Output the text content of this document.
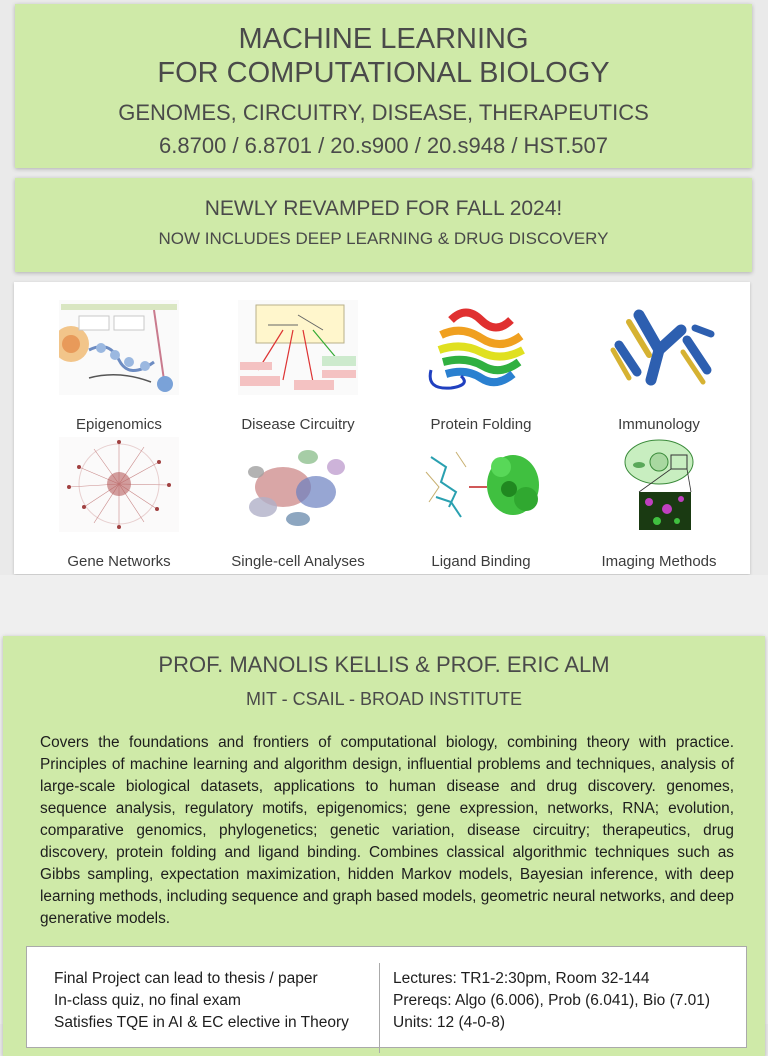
MACHINE LEARNING
FOR COMPUTATIONAL BIOLOGY
GENOMES, CIRCUITRY, DISEASE, THERAPEUTICS
6.8700 / 6.8701 / 20.s900 / 20.s948 / HST.507
NEWLY REVAMPED FOR FALL 2024!
NOW INCLUDES DEEP LEARNING & DRUG DISCOVERY
Epigenomics	Disease Circuitry	Protein Folding	Immunology
Gene Networks	Single-cell Analyses	Ligand Binding	Imaging Methods
PROF. MANOLIS KELLIS & PROF. ERIC ALM
MIT - CSAIL - BROAD INSTITUTE
Covers the foundations and frontiers of computational biology, combining theory with practice. Principles of machine learning and algorithm design, influential problems and techniques, analysis of large-scale biological datasets, applications to human disease and drug discovery. genomes, sequence analysis, regulatory motifs, epigenomics; gene expression, networks, RNA; evolution, comparative genomics, phylogenetics; genetic variation, disease circuitry; therapeutics, drug discovery, protein folding and ligand binding. Combines classical algorithmic techniques such as Gibbs sampling, expectation maximization, hidden Markov models, Bayesian inference, with deep learning methods, including sequence and graph based models, geometric neural networks, and deep generative models.
Final Project can lead to thesis / paper
In-class quiz, no final exam
Satisfies TQE in AI & EC elective in Theory
Lectures: TR1-2:30pm, Room 32-144
Prereqs: Algo (6.006), Prob (6.041), Bio (7.01)
Units: 12 (4-0-8)
